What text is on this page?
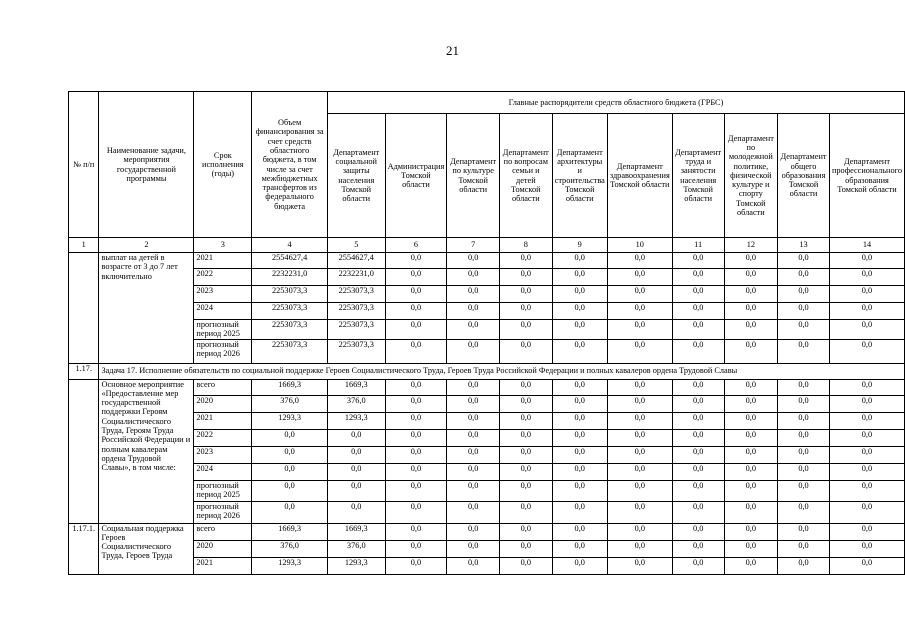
21
№ п/п	Наименование задачи, мероприятия государственной программы	Срок исполнения (годы)	Объем финансирования за счет средств областного бюджета, в том числе за счет межбюджетных трансфертов из федерального бюджета	Главные распорядители средств областного бюджета (ГРБС)									
				Департамент социальной защиты населения Томской области	Администрация Томской области	Департамент по культуре Томской области	Департамент по вопросам семьи и детей Томской области	Департамент архитектуры и строительства Томской области	Департамент здравоохранения Томской области	Департамент труда и занятости населения Томской области	Департамент по молодежной политике, физической культуре и спорту Томской области	Департамент общего образования Томской области	Департамент профессионального образования Томской области
1	2	3	4	5	6	7	8	9	10	11	12	13	14
	выплат на детей в возрасте от 3 до 7 лет включительно	2021	2554627,4	2554627,4	0,0	0,0	0,0	0,0	0,0	0,0	0,0	0,0	0,0
		2022	2232231,0	2232231,0	0,0	0,0	0,0	0,0	0,0	0,0	0,0	0,0	0,0
		2023	2253073,3	2253073,3	0,0	0,0	0,0	0,0	0,0	0,0	0,0	0,0	0,0
		2024	2253073,3	2253073,3	0,0	0,0	0,0	0,0	0,0	0,0	0,0	0,0	0,0
		прогнозный период 2025	2253073,3	2253073,3	0,0	0,0	0,0	0,0	0,0	0,0	0,0	0,0	0,0
		прогнозный период 2026	2253073,3	2253073,3	0,0	0,0	0,0	0,0	0,0	0,0	0,0	0,0	0,0
1.17.	Задача 17. Исполнение обязательств по социальной поддержке Героев Социалистического Труда, Героев Труда Российской Федерации и полных кавалеров ордена Трудовой Славы												
	Основное мероприятие «Предоставление мер государственной поддержки Героям Социалистического Труда, Героям Труда Российской Федерации и полным кавалерам ордена Трудовой Славы», в том числе:	всего	1669,3	1669,3	0,0	0,0	0,0	0,0	0,0	0,0	0,0	0,0	0,0
		2020	376,0	376,0	0,0	0,0	0,0	0,0	0,0	0,0	0,0	0,0	0,0
		2021	1293,3	1293,3	0,0	0,0	0,0	0,0	0,0	0,0	0,0	0,0	0,0
		2022	0,0	0,0	0,0	0,0	0,0	0,0	0,0	0,0	0,0	0,0	0,0
		2023	0,0	0,0	0,0	0,0	0,0	0,0	0,0	0,0	0,0	0,0	0,0
		2024	0,0	0,0	0,0	0,0	0,0	0,0	0,0	0,0	0,0	0,0	0,0
		прогнозный период 2025	0,0	0,0	0,0	0,0	0,0	0,0	0,0	0,0	0,0	0,0	0,0
		прогнозный период 2026	0,0	0,0	0,0	0,0	0,0	0,0	0,0	0,0	0,0	0,0	0,0
1.17.1.	Социальная поддержка Героев Социалистического Труда, Героев Труда	всего	1669,3	1669,3	0,0	0,0	0,0	0,0	0,0	0,0	0,0	0,0	0,0
		2020	376,0	376,0	0,0	0,0	0,0	0,0	0,0	0,0	0,0	0,0	0,0
		2021	1293,3	1293,3	0,0	0,0	0,0	0,0	0,0	0,0	0,0	0,0	0,0
